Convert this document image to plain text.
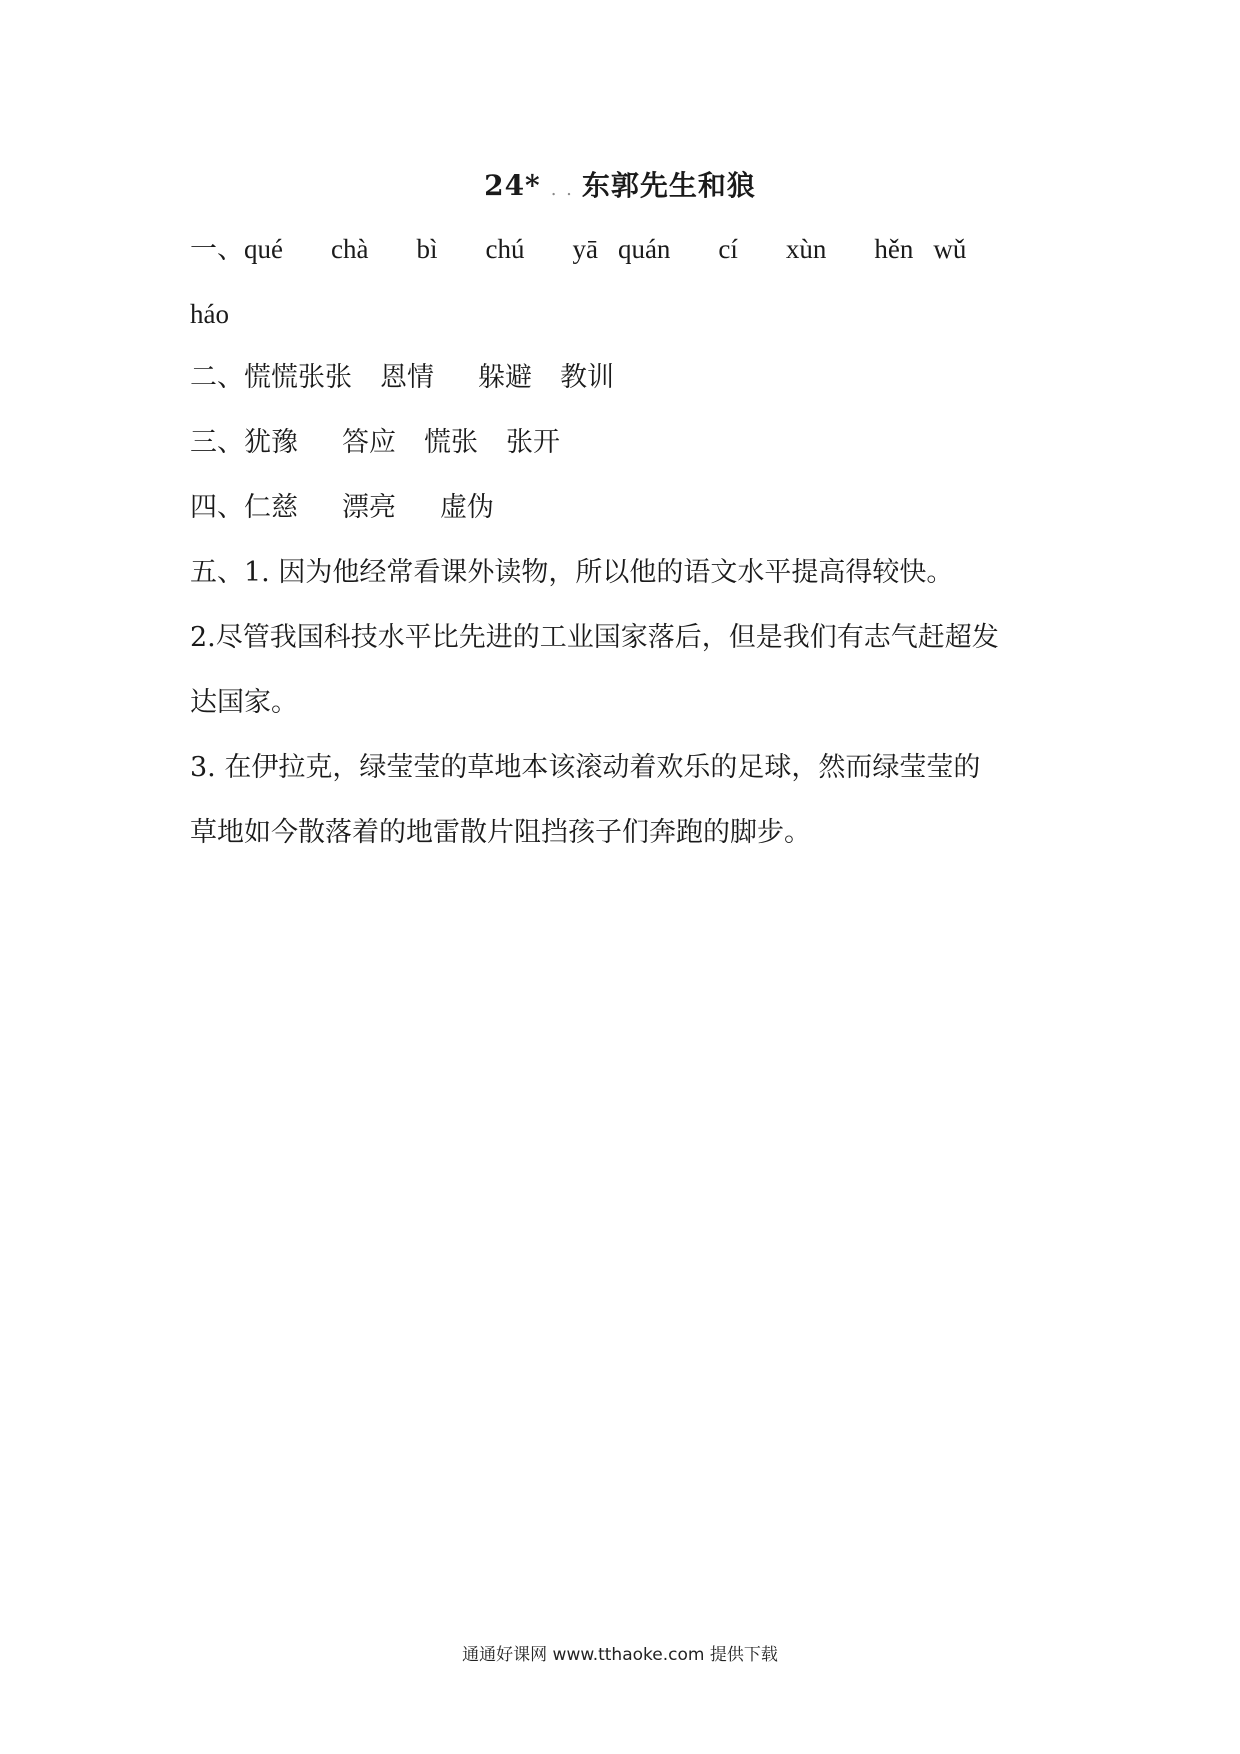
24* . . 东郭先生和狼
一、qué chà bì chú yā quán cí xùn hěn wǔ
háo
二、慌慌张张 恩情 躲避 教训
三、犹豫 答应 慌张 张开
四、仁慈 漂亮 虚伪
五、1. 因为他经常看课外读物，所以他的语文水平提高得较快。
2.尽管我国科技水平比先进的工业国家落后，但是我们有志气赶超发
达国家。
3. 在伊拉克，绿莹莹的草地本该滚动着欢乐的足球，然而绿莹莹的
草地如今散落着的地雷散片阻挡孩子们奔跑的脚步。
通通好课网 www.tthaoke.com 提供下载
